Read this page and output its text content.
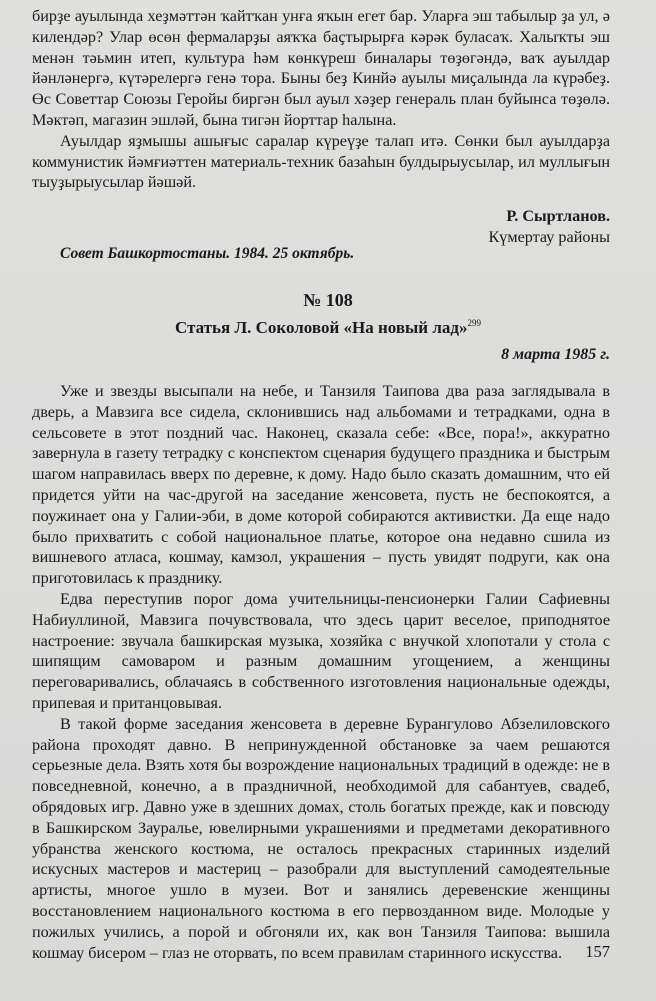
бирҙе ауылында хеҙмәттән ҡайтҡан унға яҡын егет бар. Уларға эш табылыр ҙа ул, ә килендәр? Улар өсөн фермаларҙы аяҡҡа баҫтырырға кәрәк буласаҡ. Халыҡты эш менән тәьмин итеп, культура һәм көнкүреш биналары төҙөгәндә, ваҡ ауылдар йәнләнергә, күтәрелергә генә тора. Быны беҙ Кинйә ауылы миҫалында ла күрәбеҙ. Өс Советтар Союзы Геройы биргән был ауыл хәҙер генераль план буйынса төҙөлә. Мәктәп, магазин эшләй, бына тигән йорттар һалына.

Ауылдар яҙмышы ашығыс саралар күреүҙе талап итә. Сөнки был ауылдарҙа коммунистик йәмғиәттен материаль-техник базаһын булдырыусылар, ил муллығын тыуҙырыусылар йәшәй.

Р. Сыртланов.
Күмертау районы
Совет Башкортостаны. 1984. 25 октябрь.
№ 108
Статья Л. Соколовой «На новый лад»$^{299}$
8 марта 1985 г.

Уже и звезды высыпали на небе, и Танзиля Таипова два раза заглядывала в дверь, а Мавзига все сидела, склонившись над альбомами и тетрадками, одна в сельсовете в этот поздний час. Наконец, сказала себе: «Все, пора!», аккуратно завернула в газету тетрадку с конспектом сценария будущего праздника и быстрым шагом направилась вверх по деревне, к дому. Надо было сказать домашним, что ей придется уйти на час-другой на заседание женсовета, пусть не беспокоятся, а поужинает она у Галии-эби, в доме которой собираются активистки. Да еще надо было прихватить с собой национальное платье, которое она недавно сшила из вишневого атласа, кошмау, камзол, украшения – пусть увидят подруги, как она приготовилась к празднику.

Едва переступив порог дома учительницы-пенсионерки Галии Сафиевны Набиуллиной, Мавзига почувствовала, что здесь царит веселое, приподнятое настроение: звучала башкирская музыка, хозяйка с внучкой хлопотали у стола с шипящим самоваром и разным домашним угощением, а женщины переговаривались, облачаясь в собственного изготовления национальные одежды, припевая и пританцовывая.

В такой форме заседания женсовета в деревне Бурангулово Абзелиловского района проходят давно. В непринужденной обстановке за чаем решаются серьезные дела. Взять хотя бы возрождение национальных традиций в одежде: не в повседневной, конечно, а в праздничной, необходимой для сабантуев, свадеб, обрядовых игр. Давно уже в здешних домах, столь богатых прежде, как и повсюду в Башкирском Зауралье, ювелирными украшениями и предметами декоративного убранства женского костюма, не осталось прекрасных старинных изделий искусных мастеров и мастериц – разобрали для выступлений самодеятельные артисты, многое ушло в музеи. Вот и занялись деревенские женщины восстановлением национального костюма в его первозданном виде. Молодые у пожилых учились, а порой и обгоняли их, как вон Танзиля Таипова: вышила кошмау бисером – глаз не оторвать, по всем правилам старинного искусства.	157
